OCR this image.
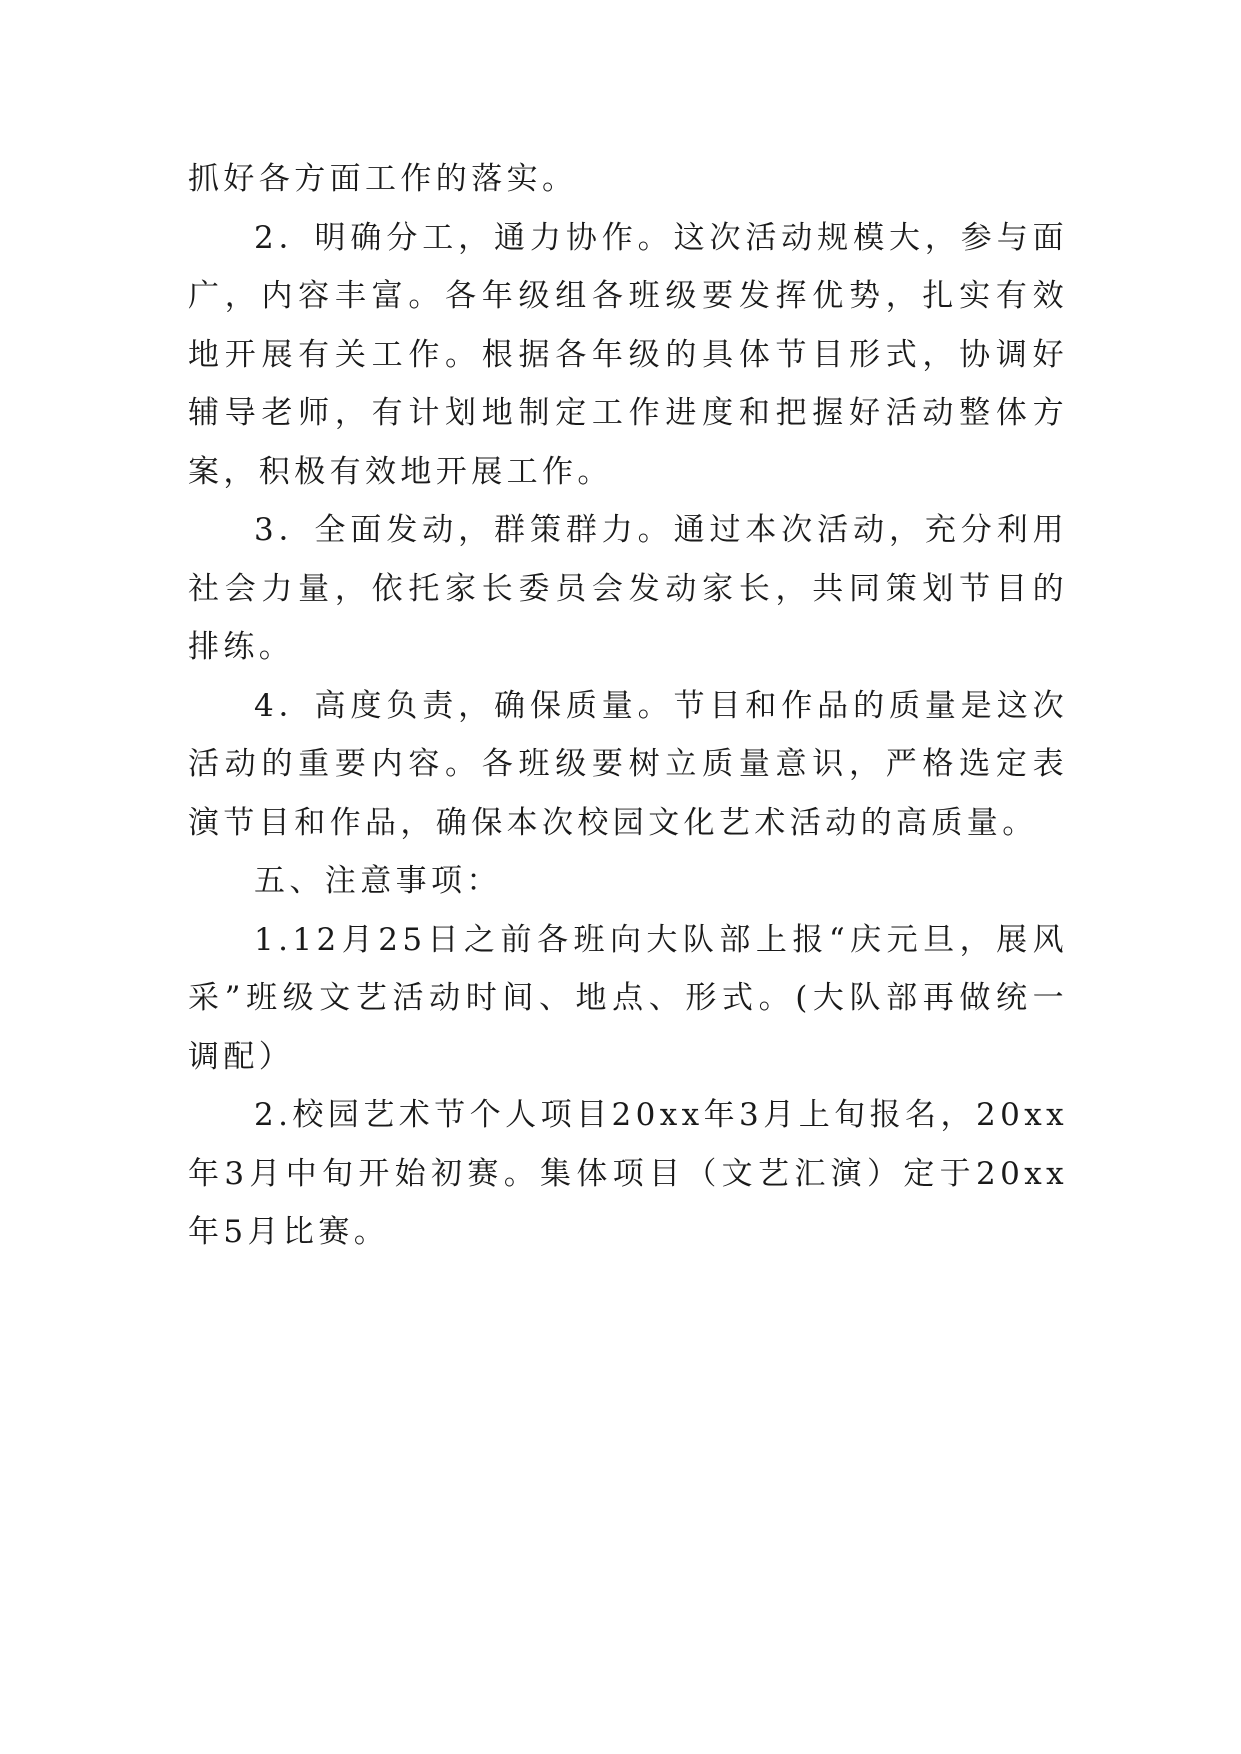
抓好各方面工作的落实。

2．明确分工，通力协作。这次活动规模大，参与面广，内容丰富。各年级组各班级要发挥优势，扎实有效地开展有关工作。根据各年级的具体节目形式，协调好辅导老师，有计划地制定工作进度和把握好活动整体方案，积极有效地开展工作。

3．全面发动，群策群力。通过本次活动，充分利用社会力量，依托家长委员会发动家长，共同策划节目的排练。

4．高度负责，确保质量。节目和作品的质量是这次活动的重要内容。各班级要树立质量意识，严格选定表演节目和作品，确保本次校园文化艺术活动的高质量。

五、注意事项：

1.12月25日之前各班向大队部上报“庆元旦，展风采”班级文艺活动时间、地点、形式。(大队部再做统一调配）

2.校园艺术节个人项目20xx年3月上旬报名，20xx年3月中旬开始初赛。集体项目（文艺汇演）定于20xx年5月比赛。
